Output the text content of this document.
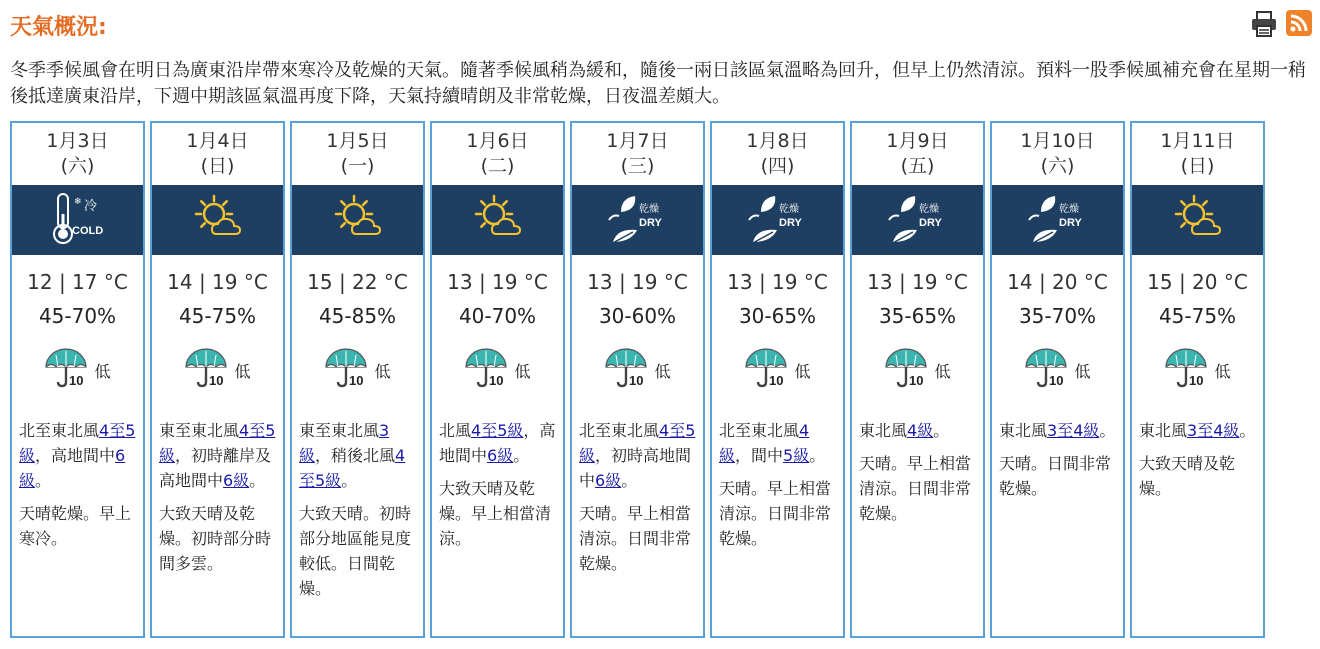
天氣概況:
冬季季候風會在明日為廣東沿岸帶來寒冷及乾燥的天氣。隨著季候風稍為緩和，隨後一兩日該區氣溫略為回升，但早上仍然清涼。預料一股季候風補充會在星期一稍後抵達廣東沿岸，下週中期該區氣溫再度下降，天氣持續晴朗及非常乾燥，日夜溫差頗大。
1月3日
(六)
❄ 冷
COLD
12 | 17 °C
45-70%
10 低
北至東北風4至5級，高地間中6級。
天晴乾燥。早上寒冷。
1月4日
(日)
14 | 19 °C
45-75%
10 低
東至東北風4至5級，初時離岸及高地間中6級。
大致天晴及乾燥。初時部分時間多雲。
1月5日
(一)
15 | 22 °C
45-85%
10 低
東至東北風3級，稍後北風4至5級。
大致天晴。初時部分地區能見度較低。日間乾燥。
1月6日
(二)
13 | 19 °C
40-70%
10 低
北風4至5級，高地間中6級。
大致天晴及乾燥。早上相當清涼。
1月7日
(三)
乾燥
DRY
13 | 19 °C
30-60%
10 低
北至東北風4至5級，初時高地間中6級。
天晴。早上相當清涼。日間非常乾燥。
1月8日
(四)
乾燥
DRY
13 | 19 °C
30-65%
10 低
北至東北風4級，間中5級。
天晴。早上相當清涼。日間非常乾燥。
1月9日
(五)
乾燥
DRY
13 | 19 °C
35-65%
10 低
東北風4級。
天晴。早上相當清涼。日間非常乾燥。
1月10日
(六)
乾燥
DRY
14 | 20 °C
35-70%
10 低
東北風3至4級。
天晴。日間非常乾燥。
1月11日
(日)
15 | 20 °C
45-75%
10 低
東北風3至4級。
大致天晴及乾燥。
